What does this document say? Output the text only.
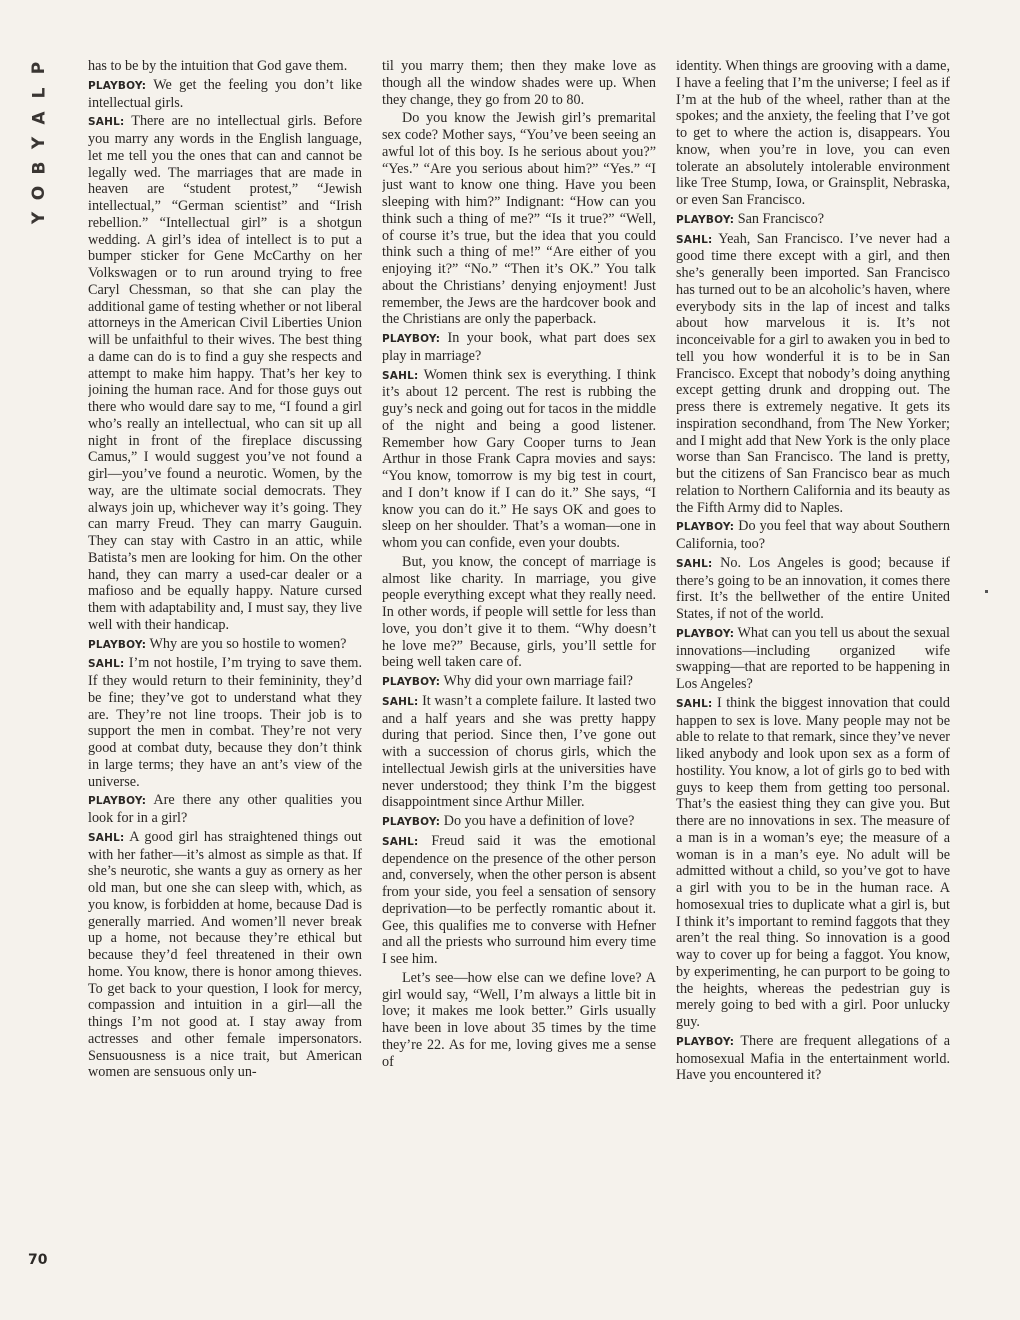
P
L
A
Y
B
O
Y

has to be by the intuition that God gave them.

PLAYBOY: We get the feeling you don’t like intellectual girls.

SAHL: There are no intellectual girls. Before you marry any words in the English language, let me tell you the ones that can and cannot be legally wed. The marriages that are made in heaven are “student protest,” “Jewish intellectual,” “German scientist” and “Irish rebellion.” “Intellectual girl” is a shotgun wedding. A girl’s idea of intellect is to put a bumper sticker for Gene McCarthy on her Volkswagen or to run around trying to free Caryl Chessman, so that she can play the additional game of testing whether or not liberal attorneys in the American Civil Liberties Union will be unfaithful to their wives. The best thing a dame can do is to find a guy she respects and attempt to make him happy. That’s her key to joining the human race. And for those guys out there who would dare say to me, “I found a girl who’s really an intellectual, who can sit up all night in front of the fireplace discussing Camus,” I would suggest you’ve not found a girl—you’ve found a neurotic. Women, by the way, are the ultimate social democrats. They always join up, whichever way it’s going. They can marry Freud. They can marry Gauguin. They can stay with Castro in an attic, while Batista’s men are looking for him. On the other hand, they can marry a used-car dealer or a mafioso and be equally happy. Nature cursed them with adaptability and, I must say, they live well with their handicap.

PLAYBOY: Why are you so hostile to women?

SAHL: I’m not hostile, I’m trying to save them. If they would return to their femininity, they’d be fine; they’ve got to understand what they are. They’re not line troops. Their job is to support the men in combat. They’re not very good at combat duty, because they don’t think in large terms; they have an ant’s view of the universe.

PLAYBOY: Are there any other qualities you look for in a girl?

SAHL: A good girl has straightened things out with her father—it’s almost as simple as that. If she’s neurotic, she wants a guy as ornery as her old man, but one she can sleep with, which, as you know, is forbidden at home, because Dad is generally married. And women’ll never break up a home, not because they’re ethical but because they’d feel threatened in their own home. You know, there is honor among thieves. To get back to your question, I look for mercy, compassion and intuition in a girl—all the things I’m not good at. I stay away from actresses and other female impersonators. Sensuousness is a nice trait, but American women are sensuous only un-

til you marry them; then they make love as though all the window shades were up. When they change, they go from 20 to 80.

Do you know the Jewish girl’s premarital sex code? Mother says, “You’ve been seeing an awful lot of this boy. Is he serious about you?” “Yes.” “Are you serious about him?” “Yes.” “I just want to know one thing. Have you been sleeping with him?” Indignant: “How can you think such a thing of me?” “Is it true?” “Well, of course it’s true, but the idea that you could think such a thing of me!” “Are either of you enjoying it?” “No.” “Then it’s OK.” You talk about the Christians’ denying enjoyment! Just remember, the Jews are the hardcover book and the Christians are only the paperback.

PLAYBOY: In your book, what part does sex play in marriage?

SAHL: Women think sex is everything. I think it’s about 12 percent. The rest is rubbing the guy’s neck and going out for tacos in the middle of the night and being a good listener. Remember how Gary Cooper turns to Jean Arthur in those Frank Capra movies and says: “You know, tomorrow is my big test in court, and I don’t know if I can do it.” She says, “I know you can do it.” He says OK and goes to sleep on her shoulder. That’s a woman—one in whom you can confide, even your doubts.

But, you know, the concept of marriage is almost like charity. In marriage, you give people everything except what they really need. In other words, if people will settle for less than love, you don’t give it to them. “Why doesn’t he love me?” Because, girls, you’ll settle for being well taken care of.

PLAYBOY: Why did your own marriage fail?

SAHL: It wasn’t a complete failure. It lasted two and a half years and she was pretty happy during that period. Since then, I’ve gone out with a succession of chorus girls, which the intellectual Jewish girls at the universities have never understood; they think I’m the biggest disappointment since Arthur Miller.

PLAYBOY: Do you have a definition of love?

SAHL: Freud said it was the emotional dependence on the presence of the other person and, conversely, when the other person is absent from your side, you feel a sensation of sensory deprivation—to be perfectly romantic about it. Gee, this qualifies me to converse with Hefner and all the priests who surround him every time I see him.

Let’s see—how else can we define love? A girl would say, “Well, I’m always a little bit in love; it makes me look better.” Girls usually have been in love about 35 times by the time they’re 22. As for me, loving gives me a sense of

identity. When things are grooving with a dame, I have a feeling that I’m the universe; I feel as if I’m at the hub of the wheel, rather than at the spokes; and the anxiety, the feeling that I’ve got to get to where the action is, disappears. You know, when you’re in love, you can even tolerate an absolutely intolerable environment like Tree Stump, Iowa, or Grainsplit, Nebraska, or even San Francisco.

PLAYBOY: San Francisco?

SAHL: Yeah, San Francisco. I’ve never had a good time there except with a girl, and then she’s generally been imported. San Francisco has turned out to be an alcoholic’s haven, where everybody sits in the lap of incest and talks about how marvelous it is. It’s not inconceivable for a girl to awaken you in bed to tell you how wonderful it is to be in San Francisco. Except that nobody’s doing anything except getting drunk and dropping out. The press there is extremely negative. It gets its inspiration secondhand, from The New Yorker; and I might add that New York is the only place worse than San Francisco. The land is pretty, but the citizens of San Francisco bear as much relation to Northern California and its beauty as the Fifth Army did to Naples.

PLAYBOY: Do you feel that way about Southern California, too?

SAHL: No. Los Angeles is good; because if there’s going to be an innovation, it comes there first. It’s the bellwether of the entire United States, if not of the world.

PLAYBOY: What can you tell us about the sexual innovations—including organized wife swapping—that are reported to be happening in Los Angeles?

SAHL: I think the biggest innovation that could happen to sex is love. Many people may not be able to relate to that remark, since they’ve never liked anybody and look upon sex as a form of hostility. You know, a lot of girls go to bed with guys to keep them from getting too personal. That’s the easiest thing they can give you. But there are no innovations in sex. The measure of a man is in a woman’s eye; the measure of a woman is in a man’s eye. No adult will be admitted without a child, so you’ve got to have a girl with you to be in the human race. A homosexual tries to duplicate what a girl is, but I think it’s important to remind faggots that they aren’t the real thing. So innovation is a good way to cover up for being a faggot. You know, by experimenting, he can purport to be going to the heights, whereas the pedestrian guy is merely going to bed with a girl. Poor unlucky guy.

PLAYBOY: There are frequent allegations of a homosexual Mafia in the entertainment world. Have you encountered it?

70
